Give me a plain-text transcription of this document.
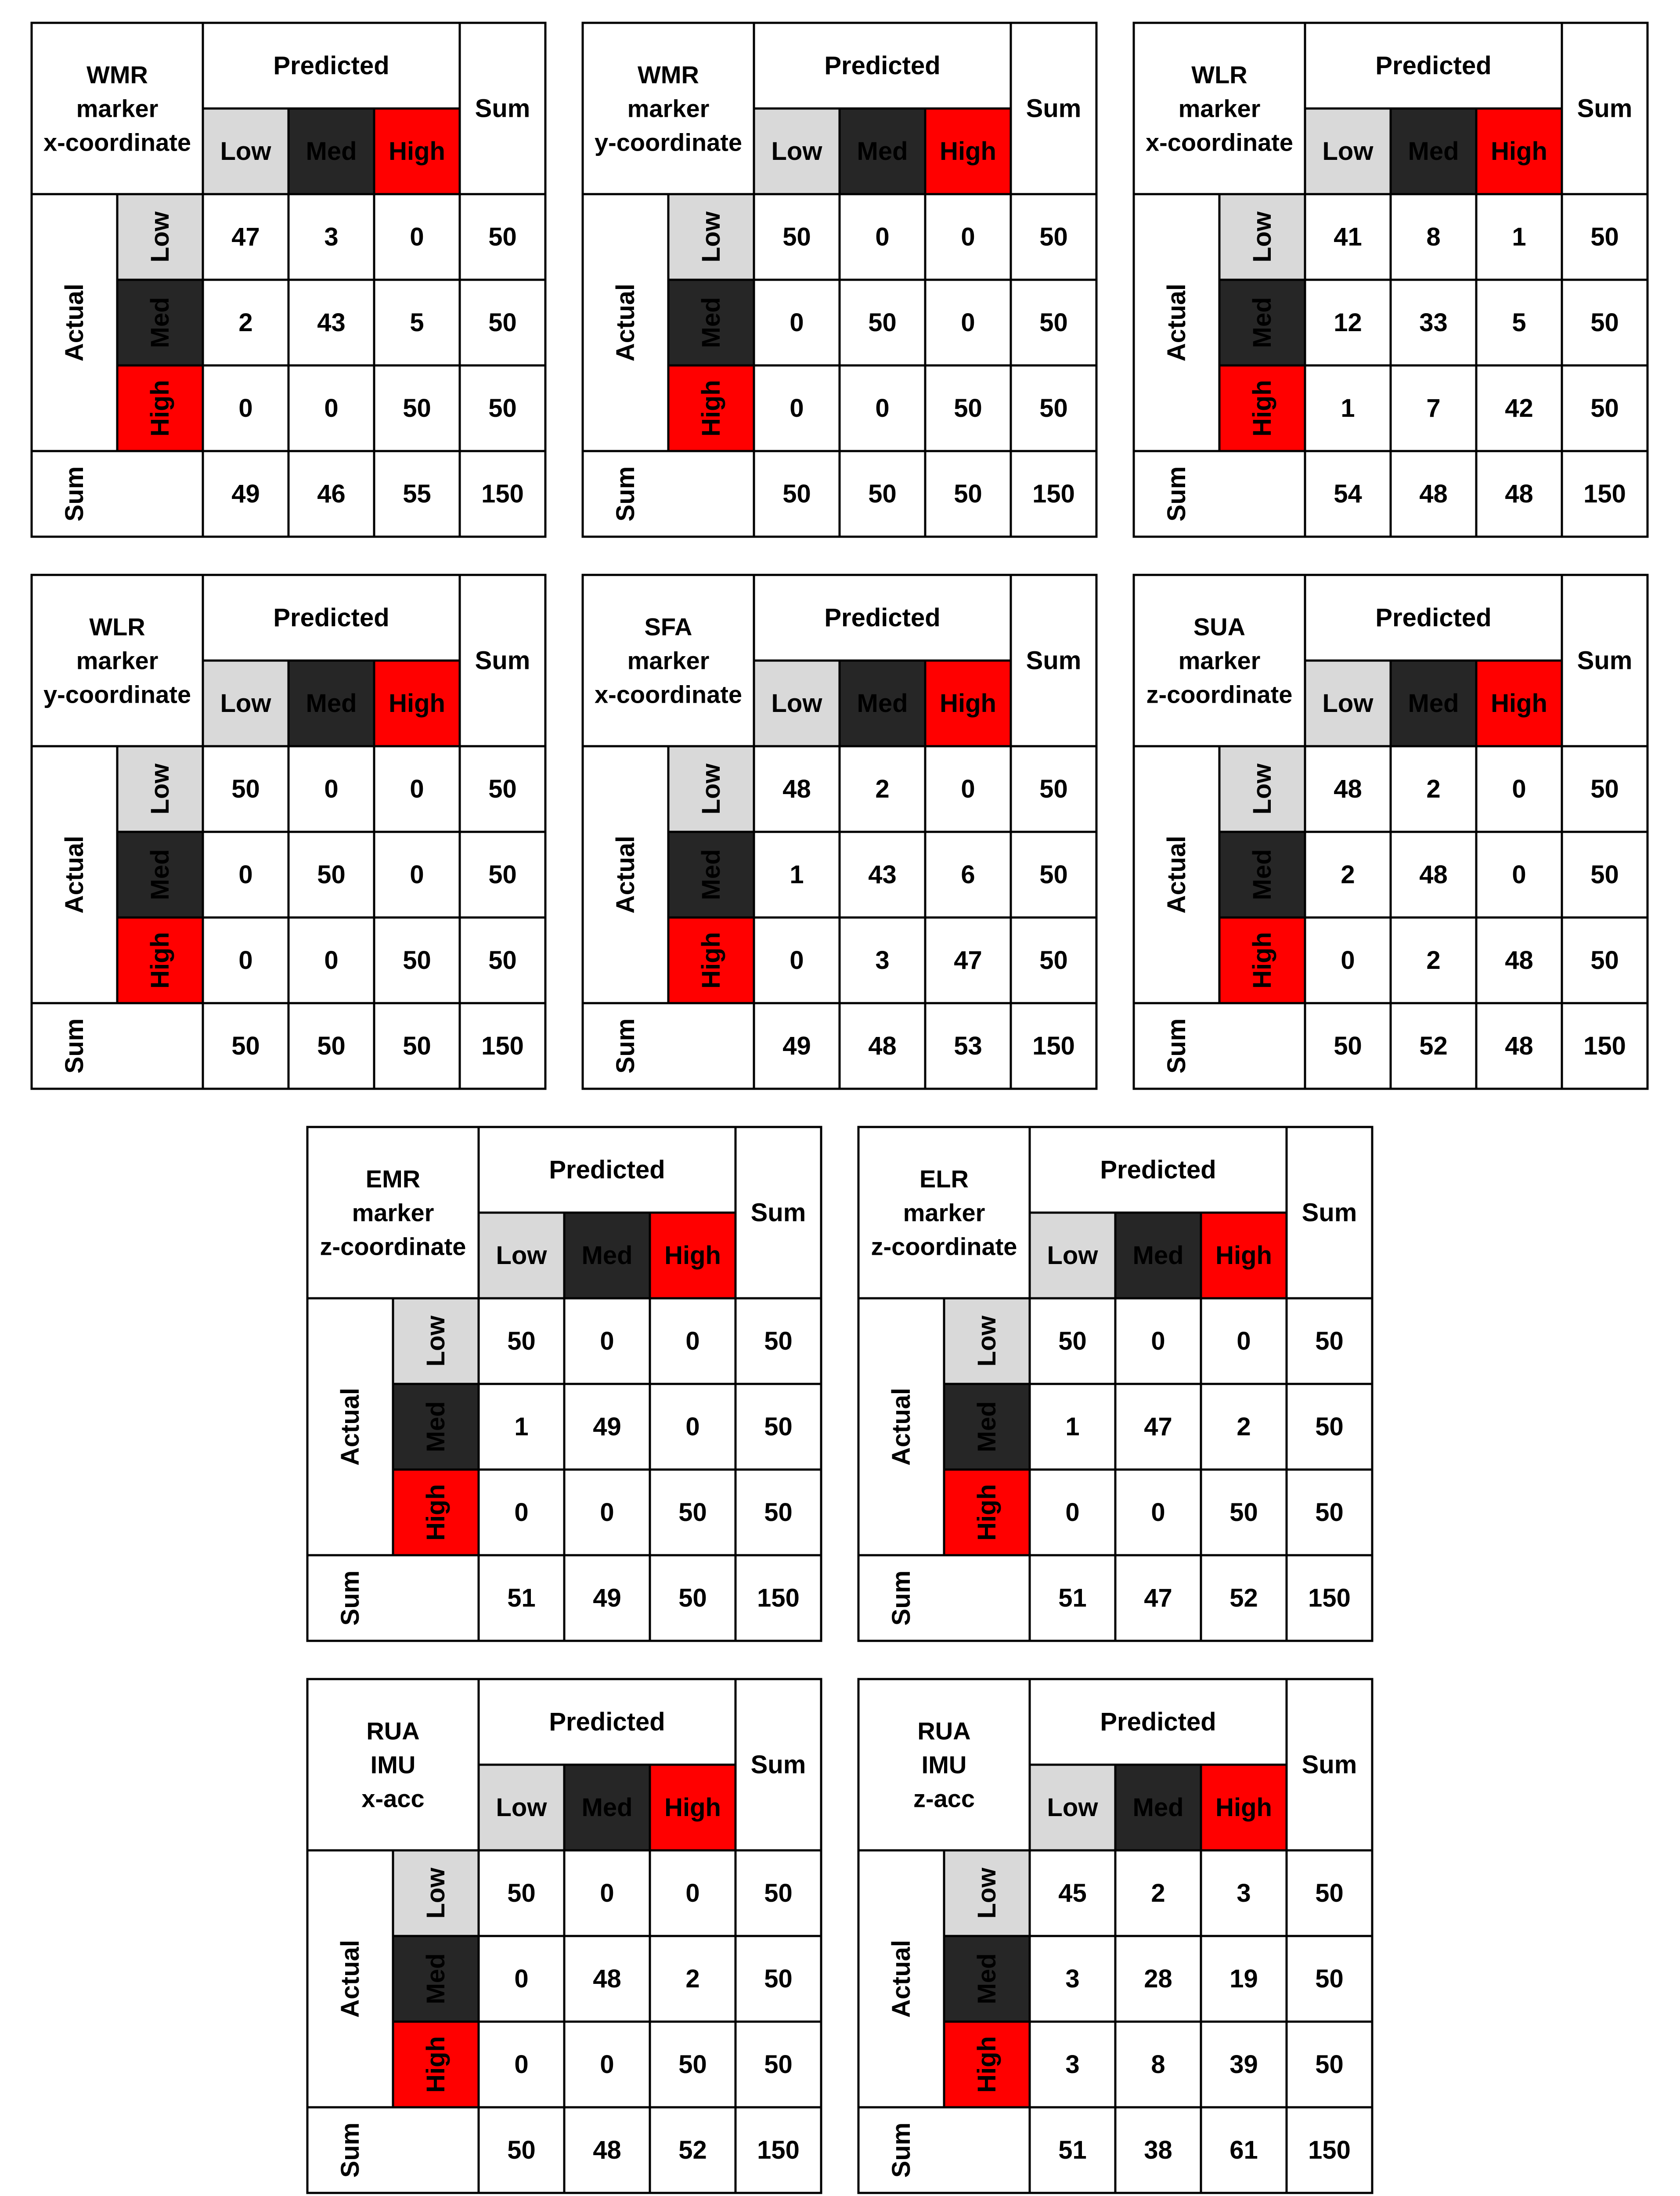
WMR
marker
x-coordinate
Predicted
Sum
Low
Low
Med
Med
High
High
Actual
Sum
47	3	0	50
2	43	5	50
0	0	50 50
49 46 55 150
WMR
marker
y-coordinate
Predicted
Sum
Low
Low
Med
Med
High
High
Actual
Sum
50	0	0	50
0	50	0	50
0	0	50 50
50 50 50 150
WLR
marker
x-coordinate
Predicted
Sum
Low
Low
Med
Med
High
High
Actual
Sum
41	8	1	50
12 33	5	50
1	7	42 50
54 48 48 150
WLR
marker
y-coordinate
Predicted
Sum
Low
Low
Med
Med
High
High
Actual
Sum
50	0	0	50
0	50	0	50
0	0	50 50
50 50 50 150
SFA
marker
x-coordinate
Predicted
Sum
Low
Low
Med
Med
High
High
Actual
Sum
48	2	0	50
1	43	6	50
0	3	47 50
49 48 53 150
SUA
marker
z-coordinate
Predicted
Sum
Low
Low
Med
Med
High
High
Actual
Sum
48	2	0	50
2	48	0	50
0	2	48 50
50 52 48 150
EMR
marker
z-coordinate
Predicted
Sum
Low
Low
Med
Med
High
High
Actual
Sum
50	0	0	50
1	49	0	50
0	0	50 50
51 49 50 150
ELR
marker
z-coordinate
Predicted
Sum
Low
Low
Med
Med
High
High
Actual
Sum
50	0	0	50
1	47	2	50
0	0	50 50
51 47 52 150
RUA
IMU
x-acc
Predicted
Sum
Low
Low
Med
Med
High
High
Actual
Sum
50	0	0	50
0	48	2	50
0	0	50 50
50 48 52 150
RUA
IMU
z-acc
Predicted
Sum
Low
Low
Med
Med
High
High
Actual
Sum
45	2	3	50
3	28 19 50
3	8	39 50
51 38 61 150
